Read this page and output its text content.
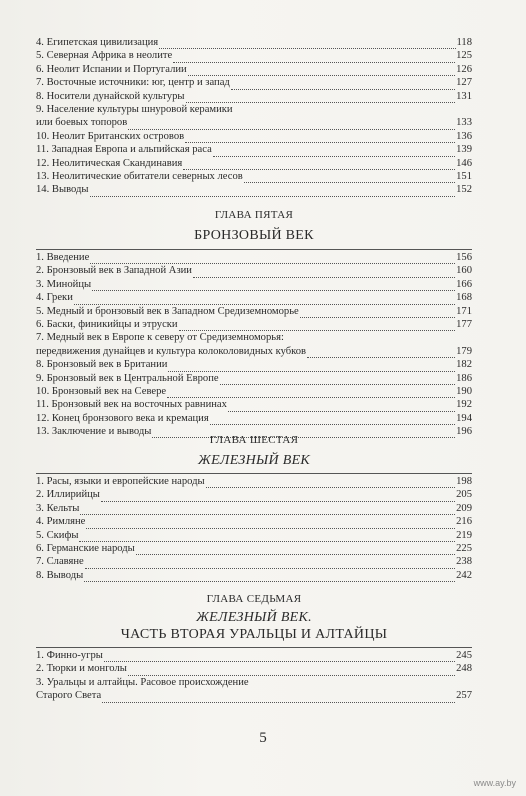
4. Египетская цивилизация	118
5. Северная Африка в неолите	125
6. Неолит Испании и Португалии	126
7. Восточные источники: юг, центр и запад	127
8. Носители дунайской культуры	131
9. Население культуры шнуровой керамики
или боевых топоров	133
10. Неолит Британских островов	136
11. Западная Европа и альпийская раса	139
12. Неолитическая Скандинавия	146
13. Неолитические обитатели северных лесов	151
14. Выводы	152
ГЛАВА ПЯТАЯ
БРОНЗОВЫЙ ВЕК
1. Введение	156
2. Бронзовый век в Западной Азии	160
3. Минойцы	166
4. Греки	168
5. Медный и бронзовый век в Западном Средиземноморье	171
6. Баски, финикийцы и этруски	177
7. Медный век в Европе к северу от Средиземноморья:
передвижения дунайцев и культура колоколовидных кубков	179
8. Бронзовый век в Британии	182
9. Бронзовый век в Центральной Европе	186
10. Бронзовый век на Севере	190
11. Бронзовый век на восточных равнинах	192
12. Конец бронзового века и кремация	194
13. Заключение и выводы	196
ГЛАВА ШЕСТАЯ
ЖЕЛЕЗНЫЙ ВЕК
1. Расы, языки и европейские народы	198
2. Иллирийцы	205
3. Кельты	209
4. Римляне	216
5. Скифы	219
6. Германские народы	225
7. Славяне	238
8. Выводы	242
ГЛАВА СЕДЬМАЯ
ЖЕЛЕЗНЫЙ ВЕК.
ЧАСТЬ ВТОРАЯ УРАЛЬЦЫ И АЛТАЙЦЫ
1. Финно-угры	245
2. Тюрки и монголы	248
3. Уральцы и алтайцы. Расовое происхождение
Старого Света	257
5
www.ay.by
